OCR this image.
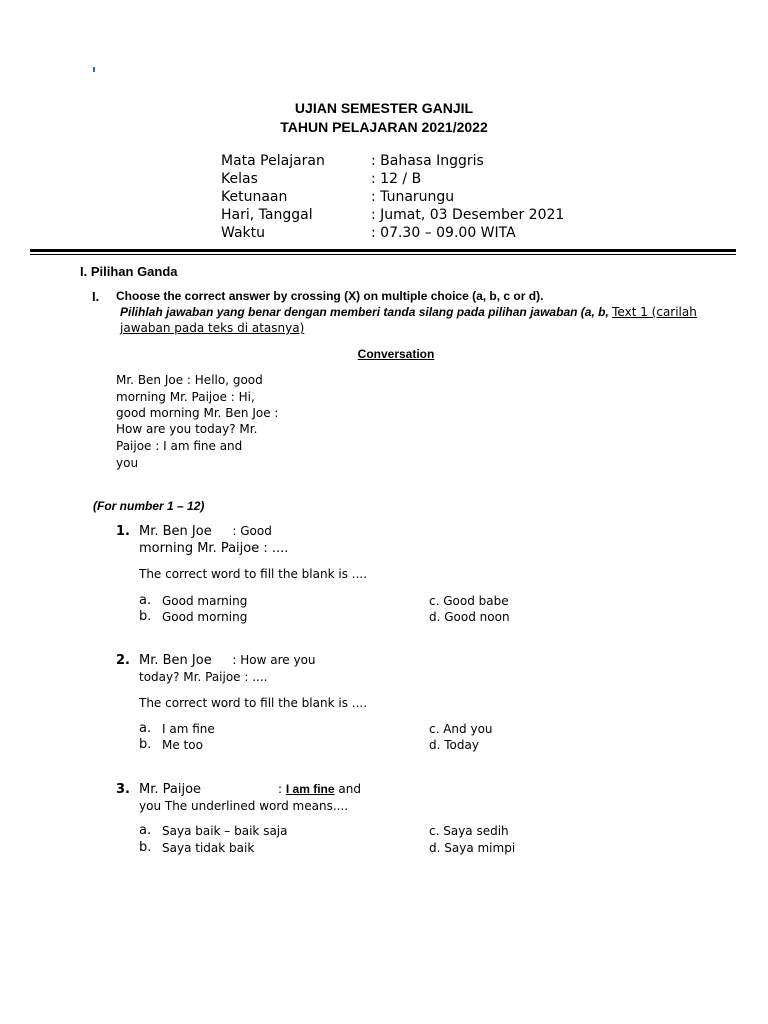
UJIAN SEMESTER GANJIL
TAHUN PELAJARAN 2021/2022
Mata Pelajaran	: Bahasa Inggris
Kelas	: 12 / B
Ketunaan	: Tunarungu
Hari, Tanggal	: Jumat, 03 Desember 2021
Waktu	: 07.30 – 09.00 WITA
I. Pilihan Ganda
I. Choose the correct answer by crossing (X) on multiple choice (a, b, c or d).
Pilihlah jawaban yang benar dengan memberi tanda silang pada pilihan jawaban (a, b, Text 1 (carilah
jawaban pada teks di atasnya)
Conversation
Mr. Ben Joe : Hello, good
morning Mr. Paijoe : Hi,
good morning Mr. Ben Joe :
How are you today? Mr.
Paijoe : I am fine and
you
(For number 1 – 12)
1. Mr. Ben Joe : Good
morning Mr. Paijoe : ....
The correct word to fill the blank is ....
a. Good marning
b. Good morning
c. Good babe
d. Good noon
2. Mr. Ben Joe : How are you
today? Mr. Paijoe : ....
The correct word to fill the blank is ....
a. I am fine
b. Me too
c. And you
d. Today
3. Mr. Paijoe	: I am fine and
you The underlined word means....
a. Saya baik – baik saja
b. Saya tidak baik
c. Saya sedih
d. Saya mimpi
